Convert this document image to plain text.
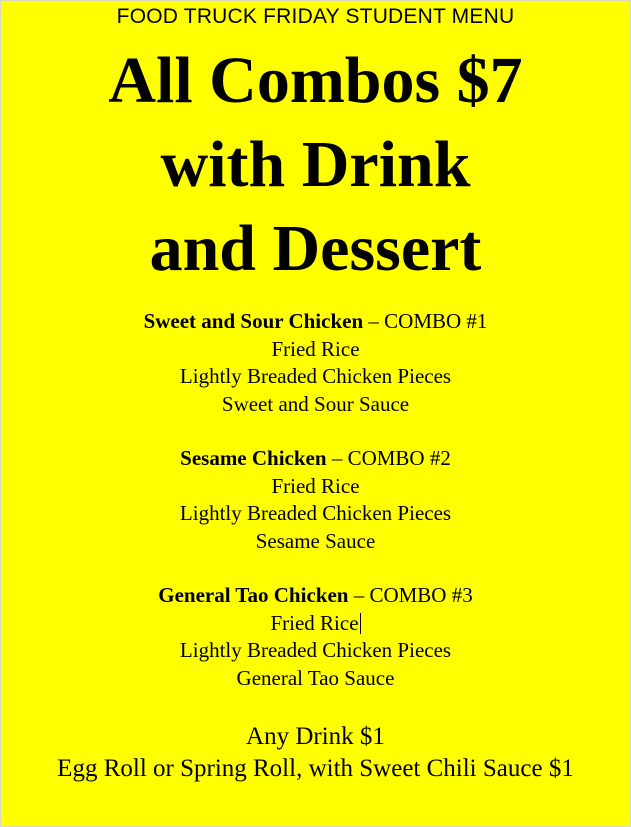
FOOD TRUCK FRIDAY STUDENT MENU
All Combos $7
with Drink
and Dessert
Sweet and Sour Chicken – COMBO #1
Fried Rice
Lightly Breaded Chicken Pieces
Sweet and Sour Sauce
Sesame Chicken – COMBO #2
Fried Rice
Lightly Breaded Chicken Pieces
Sesame Sauce
General Tao Chicken – COMBO #3
Fried Rice
Lightly Breaded Chicken Pieces
General Tao Sauce
Any Drink $1
Egg Roll or Spring Roll, with Sweet Chili Sauce $1
